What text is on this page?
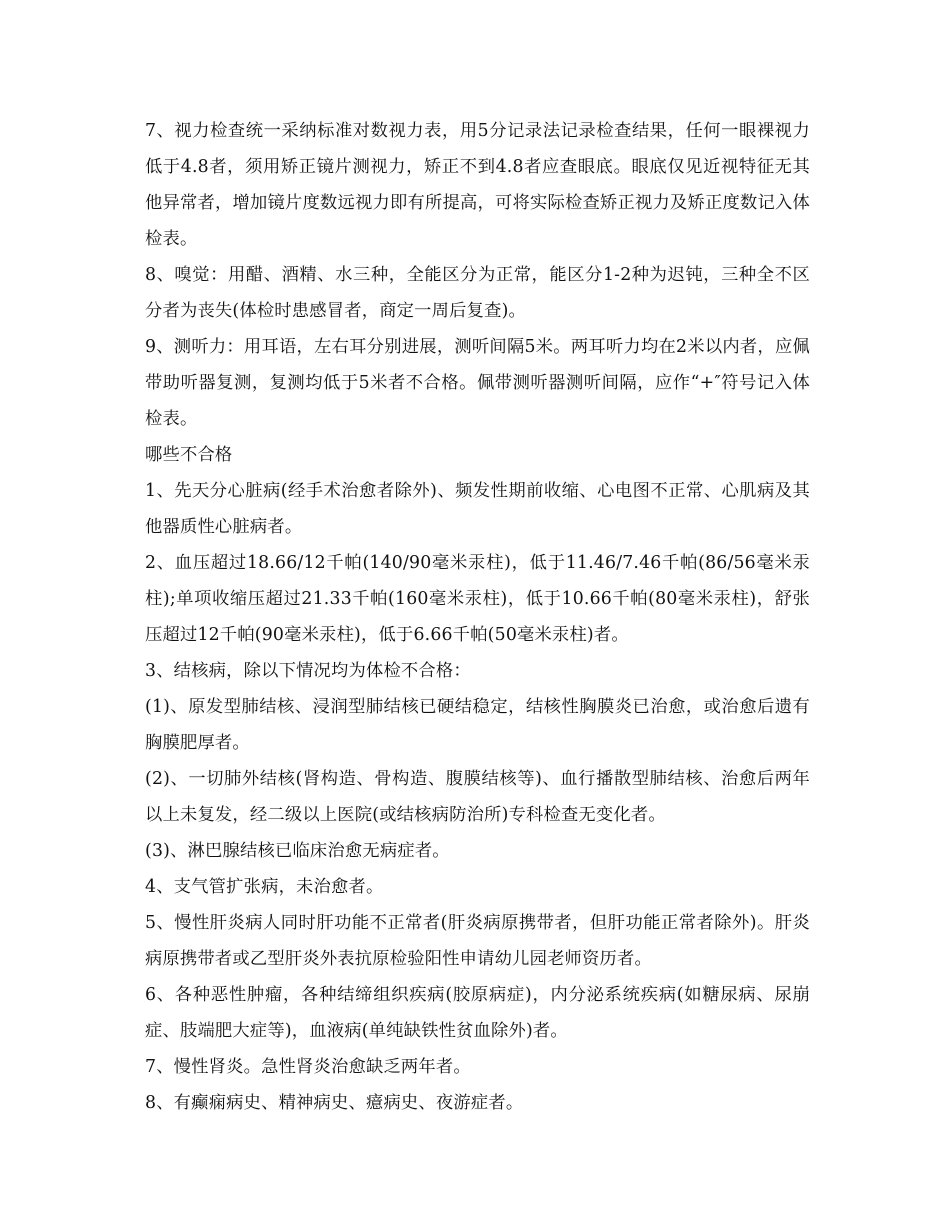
7、视力检查统一采纳标准对数视力表，用5分记录法记录检查结果，任何一眼裸视力低于4.8者，须用矫正镜片测视力，矫正不到4.8者应查眼底。眼底仅见近视特征无其他异常者，增加镜片度数远视力即有所提高，可将实际检查矫正视力及矫正度数记入体检表。

8、嗅觉：用醋、酒精、水三种，全能区分为正常，能区分1-2种为迟钝，三种全不区分者为丧失(体检时患感冒者，商定一周后复查)。

9、测听力：用耳语，左右耳分别进展，测听间隔5米。两耳听力均在2米以内者，应佩带助听器复测，复测均低于5米者不合格。佩带测听器测听间隔，应作“+″符号记入体检表。

哪些不合格

1、先天分心脏病(经手术治愈者除外)、频发性期前收缩、心电图不正常、心肌病及其他器质性心脏病者。

2、血压超过18.66/12千帕(140/90毫米汞柱)，低于11.46/7.46千帕(86/56毫米汞柱);单项收缩压超过21.33千帕(160毫米汞柱)，低于10.66千帕(80毫米汞柱)，舒张压超过12千帕(90毫米汞柱)，低于6.66千帕(50毫米汞柱)者。

3、结核病，除以下情况均为体检不合格：

(1)、原发型肺结核、浸润型肺结核已硬结稳定，结核性胸膜炎已治愈，或治愈后遗有胸膜肥厚者。

(2)、一切肺外结核(肾构造、骨构造、腹膜结核等)、血行播散型肺结核、治愈后两年以上未复发，经二级以上医院(或结核病防治所)专科检查无变化者。

(3)、淋巴腺结核已临床治愈无病症者。

4、支气管扩张病，未治愈者。

5、慢性肝炎病人同时肝功能不正常者(肝炎病原携带者，但肝功能正常者除外)。肝炎病原携带者或乙型肝炎外表抗原检验阳性申请幼儿园老师资历者。

6、各种恶性肿瘤，各种结缔组织疾病(胶原病症)，内分泌系统疾病(如糖尿病、尿崩症、肢端肥大症等)，血液病(单纯缺铁性贫血除外)者。

7、慢性肾炎。急性肾炎治愈缺乏两年者。

8、有癫痫病史、精神病史、癔病史、夜游症者。
